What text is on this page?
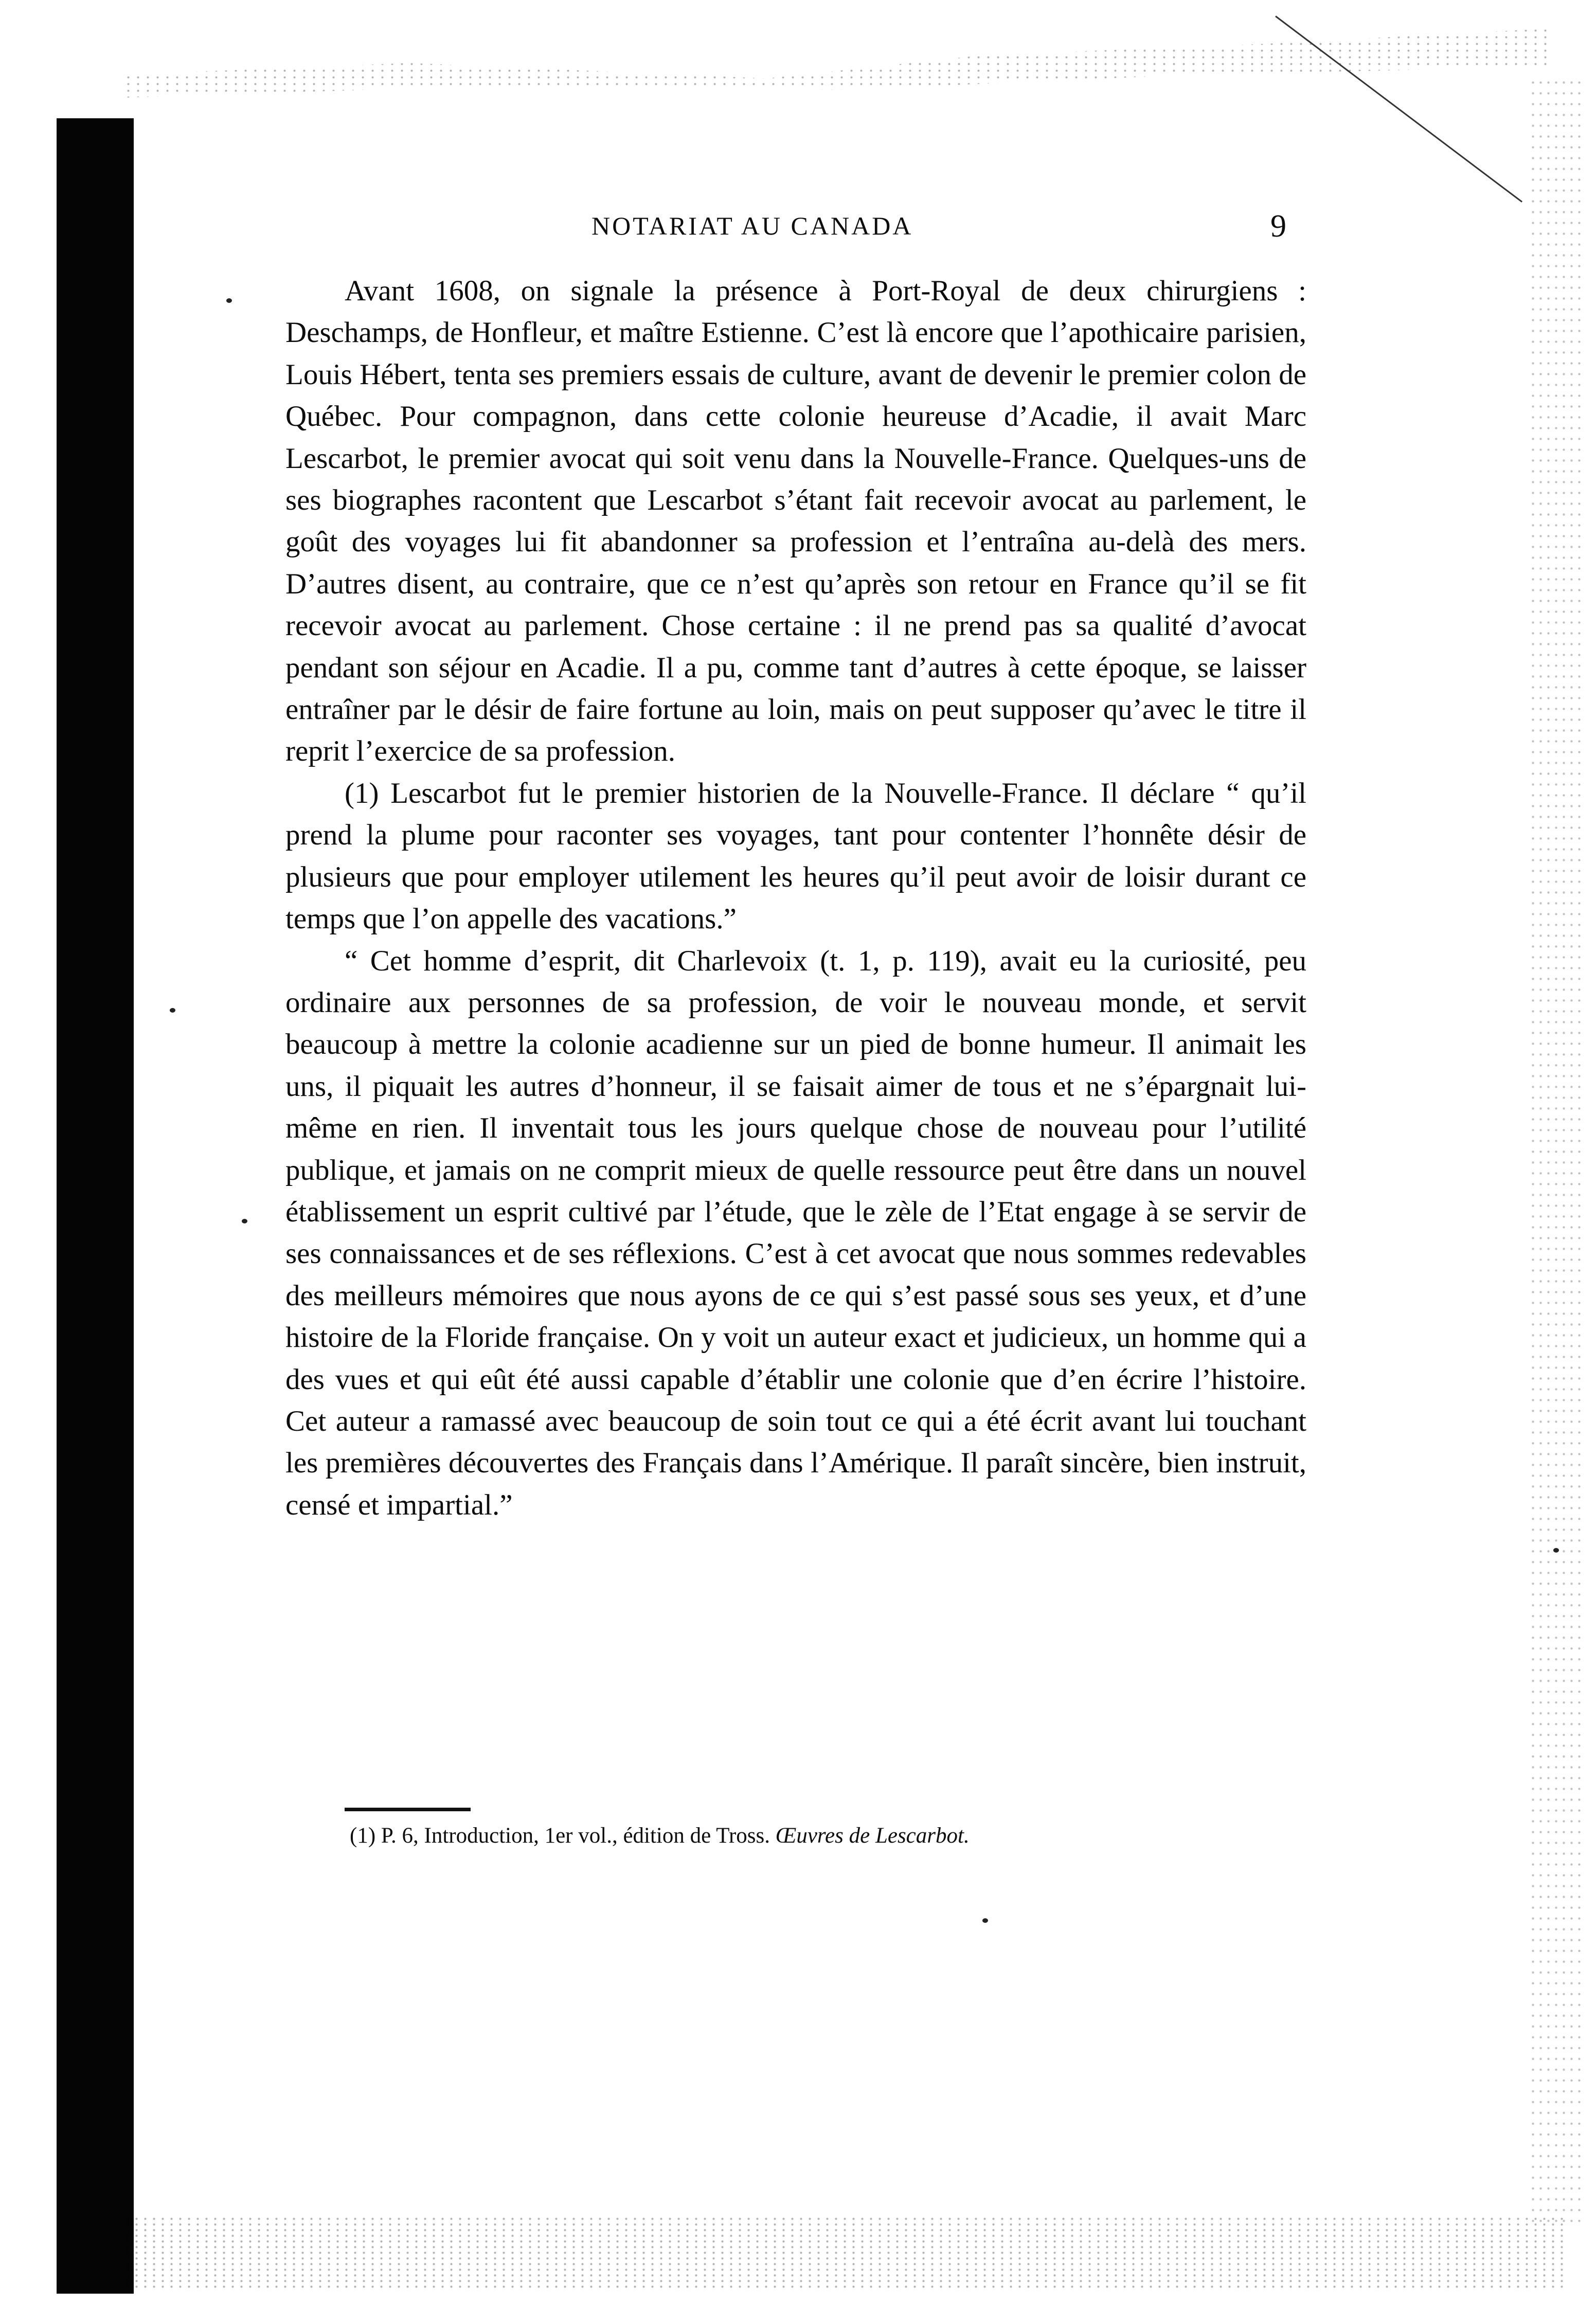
NOTARIAT AU CANADA	9

Avant 1608, on signale la présence à Port-Royal de deux chirurgiens : Deschamps, de Honfleur, et maître Estienne. C’est là encore que l’apothicaire parisien, Louis Hébert, tenta ses premiers essais de culture, avant de devenir le premier colon de Québec. Pour compagnon, dans cette colonie heureuse d’Acadie, il avait Marc Lescarbot, le premier avocat qui soit venu dans la Nouvelle-France. Quelques-uns de ses biographes racontent que Lescarbot s’étant fait recevoir avocat au parlement, le goût des voyages lui fit abandonner sa profession et l’entraîna au-delà des mers. D’autres disent, au contraire, que ce n’est qu’après son retour en France qu’il se fit recevoir avocat au parlement. Chose certaine : il ne prend pas sa qualité d’avocat pendant son séjour en Acadie. Il a pu, comme tant d’autres à cette époque, se laisser entraîner par le désir de faire fortune au loin, mais on peut supposer qu’avec le titre il reprit l’exercice de sa profession.

(1) Lescarbot fut le premier historien de la Nouvelle-France. Il déclare “ qu’il prend la plume pour raconter ses voyages, tant pour contenter l’honnête désir de plusieurs que pour employer utilement les heures qu’il peut avoir de loisir durant ce temps que l’on appelle des vacations.”

“ Cet homme d’esprit, dit Charlevoix (t. 1, p. 119), avait eu la curiosité, peu ordinaire aux personnes de sa profession, de voir le nouveau monde, et servit beaucoup à mettre la colonie acadienne sur un pied de bonne humeur. Il animait les uns, il piquait les autres d’honneur, il se faisait aimer de tous et ne s’épargnait lui-même en rien. Il inventait tous les jours quelque chose de nouveau pour l’utilité publique, et jamais on ne comprit mieux de quelle ressource peut être dans un nouvel établissement un esprit cultivé par l’étude, que le zèle de l’Etat engage à se servir de ses connaissances et de ses réflexions. C’est à cet avocat que nous sommes redevables des meilleurs mémoires que nous ayons de ce qui s’est passé sous ses yeux, et d’une histoire de la Floride française. On y voit un auteur exact et judicieux, un homme qui a des vues et qui eût été aussi capable d’établir une colonie que d’en écrire l’histoire. Cet auteur a ramassé avec beaucoup de soin tout ce qui a été écrit avant lui touchant les premières découvertes des Français dans l’Amérique. Il paraît sincère, bien instruit, censé et impartial.”

(1) P. 6, Introduction, 1er vol., édition de Tross. Œuvres de Lescarbot.
